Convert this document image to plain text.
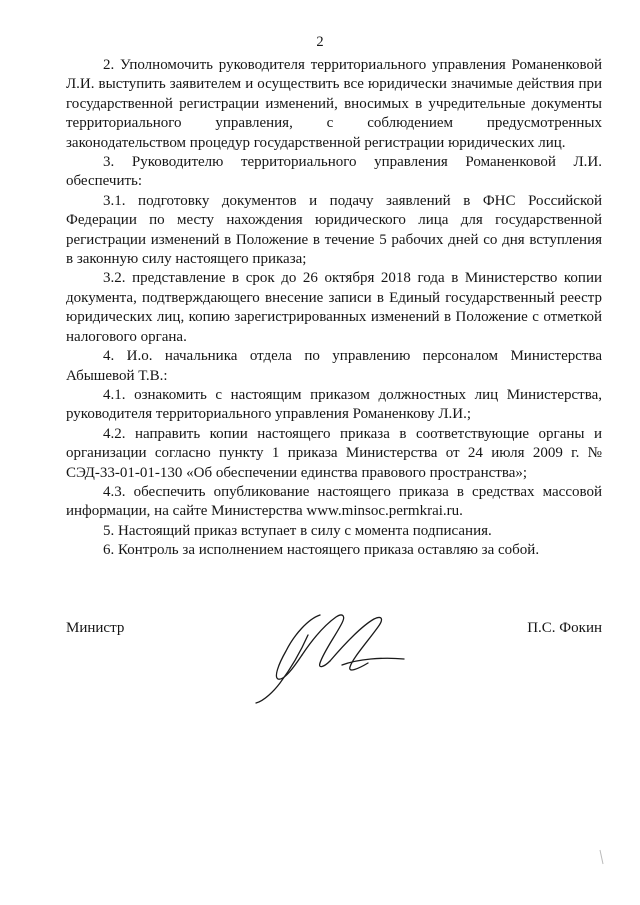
2

2. Уполномочить руководителя территориального управления Романенковой Л.И. выступить заявителем и осуществить все юридически значимые действия при государственной регистрации изменений, вносимых в учредительные документы территориального управления, с соблюдением предусмотренных законодательством процедур государственной регистрации юридических лиц.

3. Руководителю территориального управления Романенковой Л.И. обеспечить:

3.1. подготовку документов и подачу заявлений в ФНС Российской Федерации по месту нахождения юридического лица для государственной регистрации изменений в Положение в течение 5 рабочих дней со дня вступления в законную силу настоящего приказа;

3.2. представление в срок до 26 октября 2018 года в Министерство копии документа, подтверждающего внесение записи в Единый государственный реестр юридических лиц, копию зарегистрированных изменений в Положение с отметкой налогового органа.

4. И.о. начальника отдела по управлению персоналом Министерства Абышевой Т.В.:

4.1. ознакомить с настоящим приказом должностных лиц Министерства, руководителя территориального управления Романенкову Л.И.;

4.2. направить копии настоящего приказа в соответствующие органы и организации согласно пункту 1 приказа Министерства от 24 июля 2009 г. № СЭД-33-01-01-130 «Об обеспечении единства правового пространства»;

4.3. обеспечить опубликование настоящего приказа в средствах массовой информации, на сайте Министерства www.minsoc.permkrai.ru.

5. Настоящий приказ вступает в силу с момента подписания.

6. Контроль за исполнением настоящего приказа оставляю за собой.

Министр	П.С. Фокин
